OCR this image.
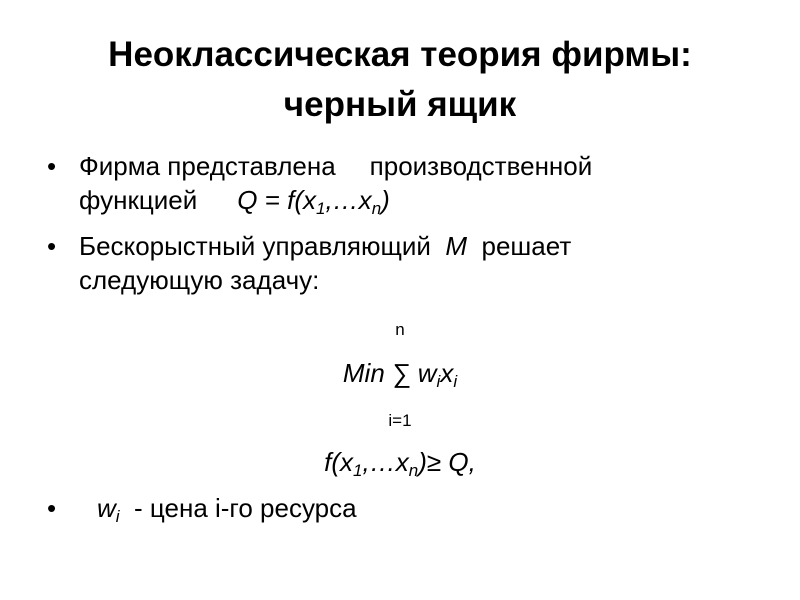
Неоклассическая теория фирмы:
черный ящик
• Фирма представлена производственной
функцией $Q = f(x_1,\dots x_n)$
• Бескорыстный управляющий M решает
следующую задачу:
n
Min ∑ $w_ix_i$
i=1
$f(x_1,\dots x_n)\ge Q$,
• $w_i$ - цена i-го ресурса
